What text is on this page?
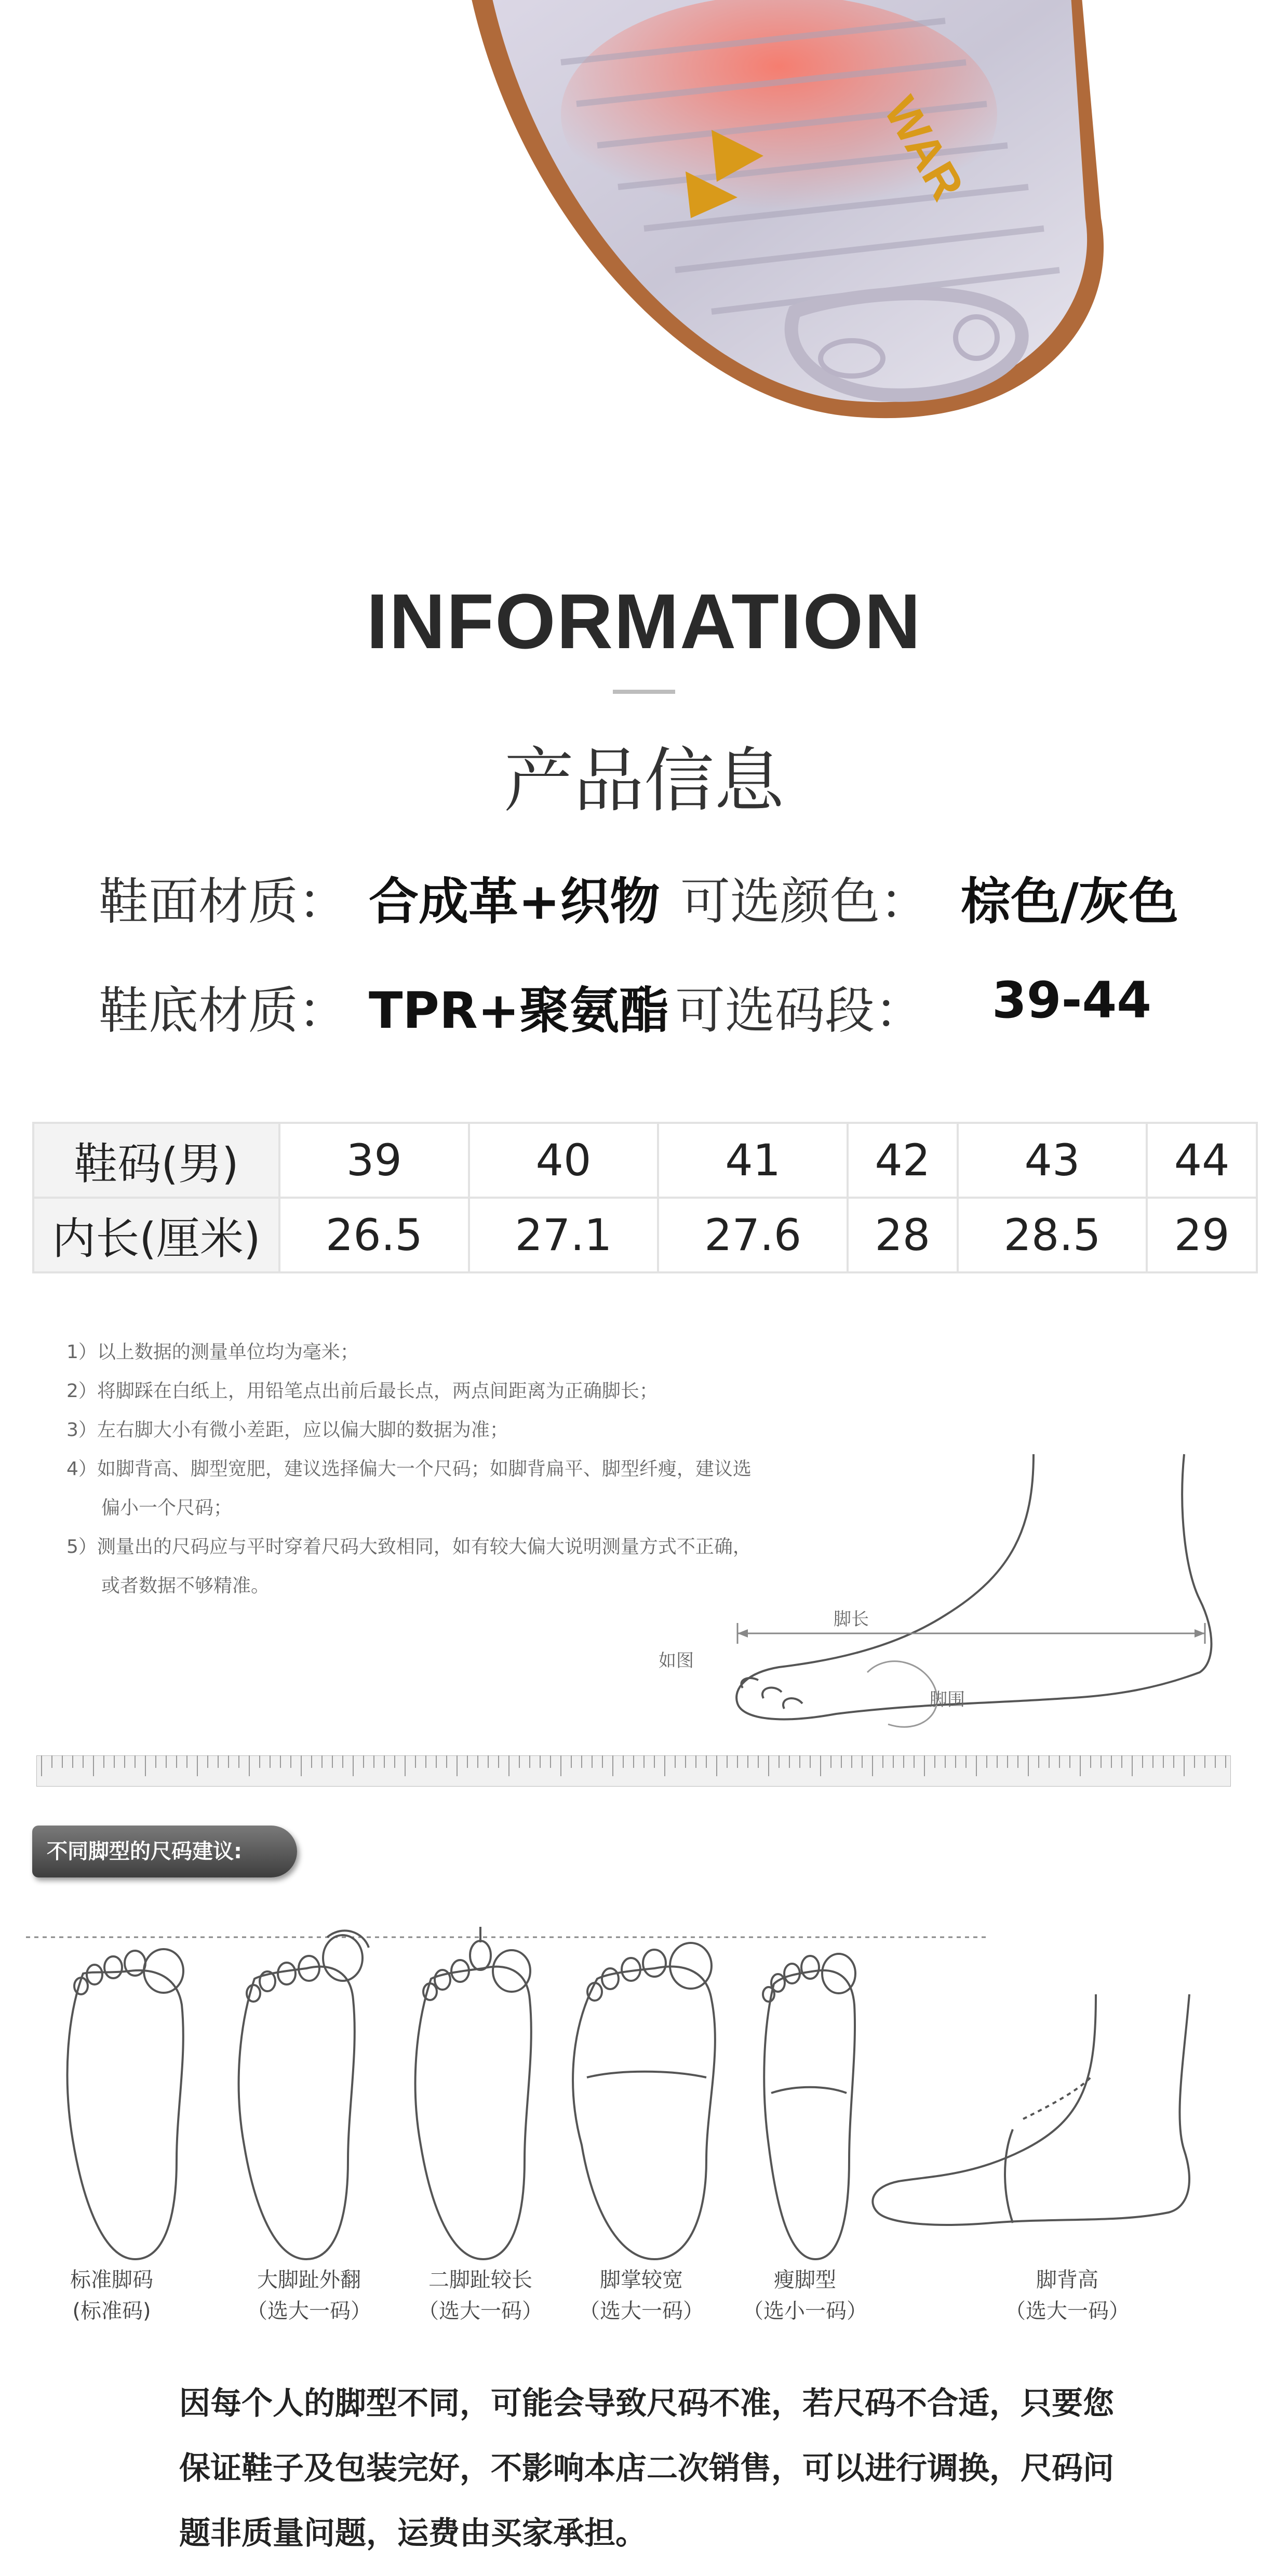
WAR
INFORMATION
产品信息
鞋面材质： 合成革+织物 可选颜色： 棕色/灰色
鞋底材质： TPR+聚氨酯 可选码段： 39-44
鞋码(男)	39	40	41	42	43	44
内长(厘米)	26.5	27.1	27.6	28	28.5	29
1）以上数据的测量单位均为毫米；
2）将脚踩在白纸上，用铅笔点出前后最长点，两点间距离为正确脚长；
3）左右脚大小有微小差距，应以偏大脚的数据为准；
4）如脚背高、脚型宽肥，建议选择偏大一个尺码；如脚背扁平、脚型纤瘦，建议选
偏小一个尺码；
5）测量出的尺码应与平时穿着尺码大致相同，如有较大偏大说明测量方式不正确，
或者数据不够精准。
脚长
如图
脚围
不同脚型的尺码建议:
标准脚码
(标准码)
大脚趾外翻
（选大一码）
二脚趾较长
（选大一码）
脚掌较宽
（选大一码）
瘦脚型
（选小一码）
脚背高
（选大一码）
因每个人的脚型不同，可能会导致尺码不准，若尺码不合适，只要您
保证鞋子及包装完好，不影响本店二次销售，可以进行调换，尺码问
题非质量问题，运费由买家承担。
